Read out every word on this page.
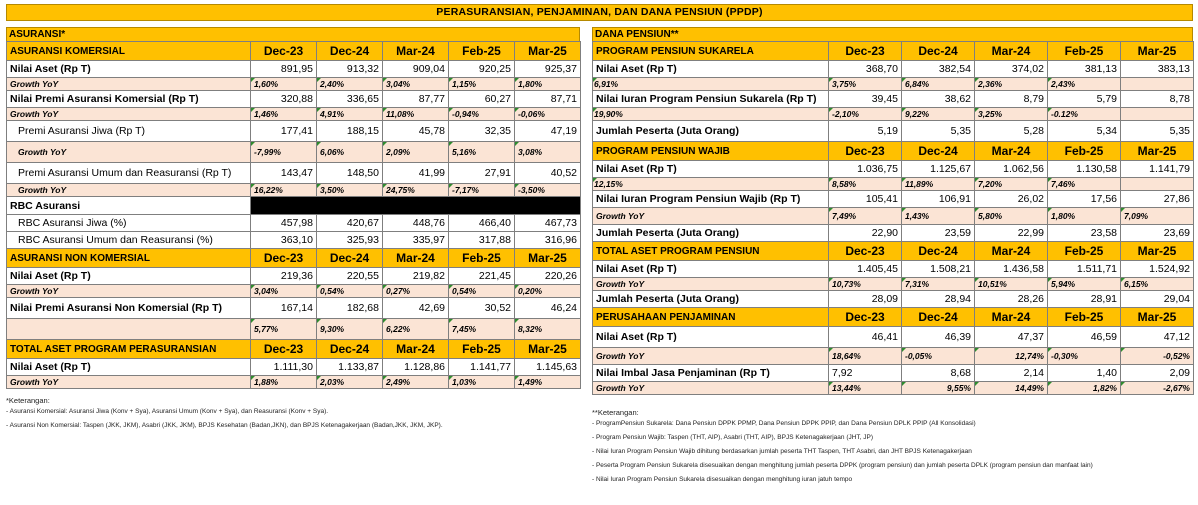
PERASURANSIAN, PENJAMINAN, DAN DANA PENSIUN (PPDP)
ASURANSI*
ASURANSI KOMERSIAL	Dec-23	Dec-24	Mar-24	Feb-25	Mar-25
Nilai Aset (Rp T)	891,95	913,32	909,04	920,25	925,37
Growth YoY	1,60%	2,40%	3,04%	1,15%	1,80%
Nilai Premi Asuransi Komersial (Rp T)	320,88	336,65	87,77	60,27	87,71
Growth YoY	1,46%	4,91%	11,08%	-0,94%	-0,06%
Premi Asuransi Jiwa (Rp T)	177,41	188,15	45,78	32,35	47,19
Growth YoY	-7,99%	6,06%	2,09%	5,16%	3,08%
Premi Asuransi Umum dan Reasuransi (Rp T)	143,47	148,50	41,99	27,91	40,52
Growth YoY	16,22%	3,50%	24,75%	-7,17%	-3,50%
RBC Asuransi					
RBC Asuransi Jiwa (%)	457,98	420,67	448,76	466,40	467,73
RBC Asuransi Umum dan Reasuransi (%)	363,10	325,93	335,97	317,88	316,96
ASURANSI NON KOMERSIAL	Dec-23	Dec-24	Mar-24	Feb-25	Mar-25
Nilai Aset (Rp T)	219,36	220,55	219,82	221,45	220,26
Growth YoY	3,04%	0,54%	0,27%	0,54%	0,20%
Nilai Premi Asuransi Non Komersial (Rp T)	167,14	182,68	42,69	30,52	46,24
	5,77%	9,30%	6,22%	7,45%	8,32%
TOTAL ASET PROGRAM PERASURANSIAN	Dec-23	Dec-24	Mar-24	Feb-25	Mar-25
Nilai Aset (Rp T)	1.111,30	1.133,87	1.128,86	1.141,77	1.145,63
Growth YoY	1,88%	2,03%	2,49%	1,03%	1,49%
DANA PENSIUN**
PROGRAM PENSIUN SUKARELA	Dec-23	Dec-24	Mar-24	Feb-25	Mar-25
Nilai Aset (Rp T)	368,70	382,54	374,02	381,13	383,13
6,91%	3,75%	6,84%	2,36%	2,43%	
Nilai Iuran Program Pensiun Sukarela (Rp T)	39,45	38,62	8,79	5,79	8,78
19,90%	-2,10%	9,22%	3,25%	-0.12%	
Jumlah Peserta (Juta Orang)	5,19	5,35	5,28	5,34	5,35
PROGRAM PENSIUN WAJIB	Dec-23	Dec-24	Mar-24	Feb-25	Mar-25
Nilai Aset (Rp T)	1.036,75	1.125,67	1.062,56	1.130,58	1.141,79
12,15%	8,58%	11,89%	7,20%	7,46%	
Nilai Iuran Program Pensiun Wajib (Rp T)	105,41	106,91	26,02	17,56	27,86
Growth YoY	7,49%	1,43%	5,80%	1,80%	7,09%
Jumlah Peserta (Juta Orang)	22,90	23,59	22,99	23,58	23,69
TOTAL ASET PROGRAM PENSIUN	Dec-23	Dec-24	Mar-24	Feb-25	Mar-25
Nilai Aset (Rp T)	1.405,45	1.508,21	1.436,58	1.511,71	1.524,92
Growth YoY	10,73%	7,31%	10,51%	5,94%	6,15%
Jumlah Peserta (Juta Orang)	28,09	28,94	28,26	28,91	29,04
PERUSAHAAN PENJAMINAN	Dec-23	Dec-24	Mar-24	Feb-25	Mar-25
Nilai Aset (Rp T)	46,41	46,39	47,37	46,59	47,12
Growth YoY	18,64%	-0,05%	12,74%	-0,30%	-0,52%
Nilai Imbal Jasa Penjaminan (Rp T)	7,92	8,68	2,14	1,40	2,09
Growth YoY	13,44%	9,55%	14,49%	1,82%	-2,67%
*Keterangan:
- Asuransi Komersial: Asuransi Jiwa (Konv + Sya), Asuransi Umum (Konv + Sya), dan Reasuransi (Konv + Sya).
- Asuransi Non Komersial: Taspen (JKK, JKM), Asabri (JKK, JKM), BPJS Kesehatan (Badan,JKN), dan BPJS Ketenagakerjaan (Badan,JKK, JKM, JKP).
**Keterangan:
- ProgramPensiun Sukarela: Dana Pensiun DPPK PPMP, Dana Pensiun DPPK PPIP, dan Dana Pensiun DPLK PPIP (All Konsolidasi)
- Program Pensiun Wajib: Taspen (THT, AIP), Asabri (THT, AIP), BPJS Ketenagakerjaan (JHT, JP)
- Nilai Iuran Program Pensiun Wajib dihitung berdasarkan jumlah peserta THT Taspen, THT Asabri, dan JHT BPJS Ketenagakerjaan
- Peserta Program Pensiun Sukarela disesuaikan dengan menghitung jumlah peserta DPPK (program pensiun) dan jumlah peserta DPLK (program pensiun dan manfaat lain)
- Nilai Iuran Program Pensiun Sukarela disesuaikan dengan menghitung iuran jatuh tempo
